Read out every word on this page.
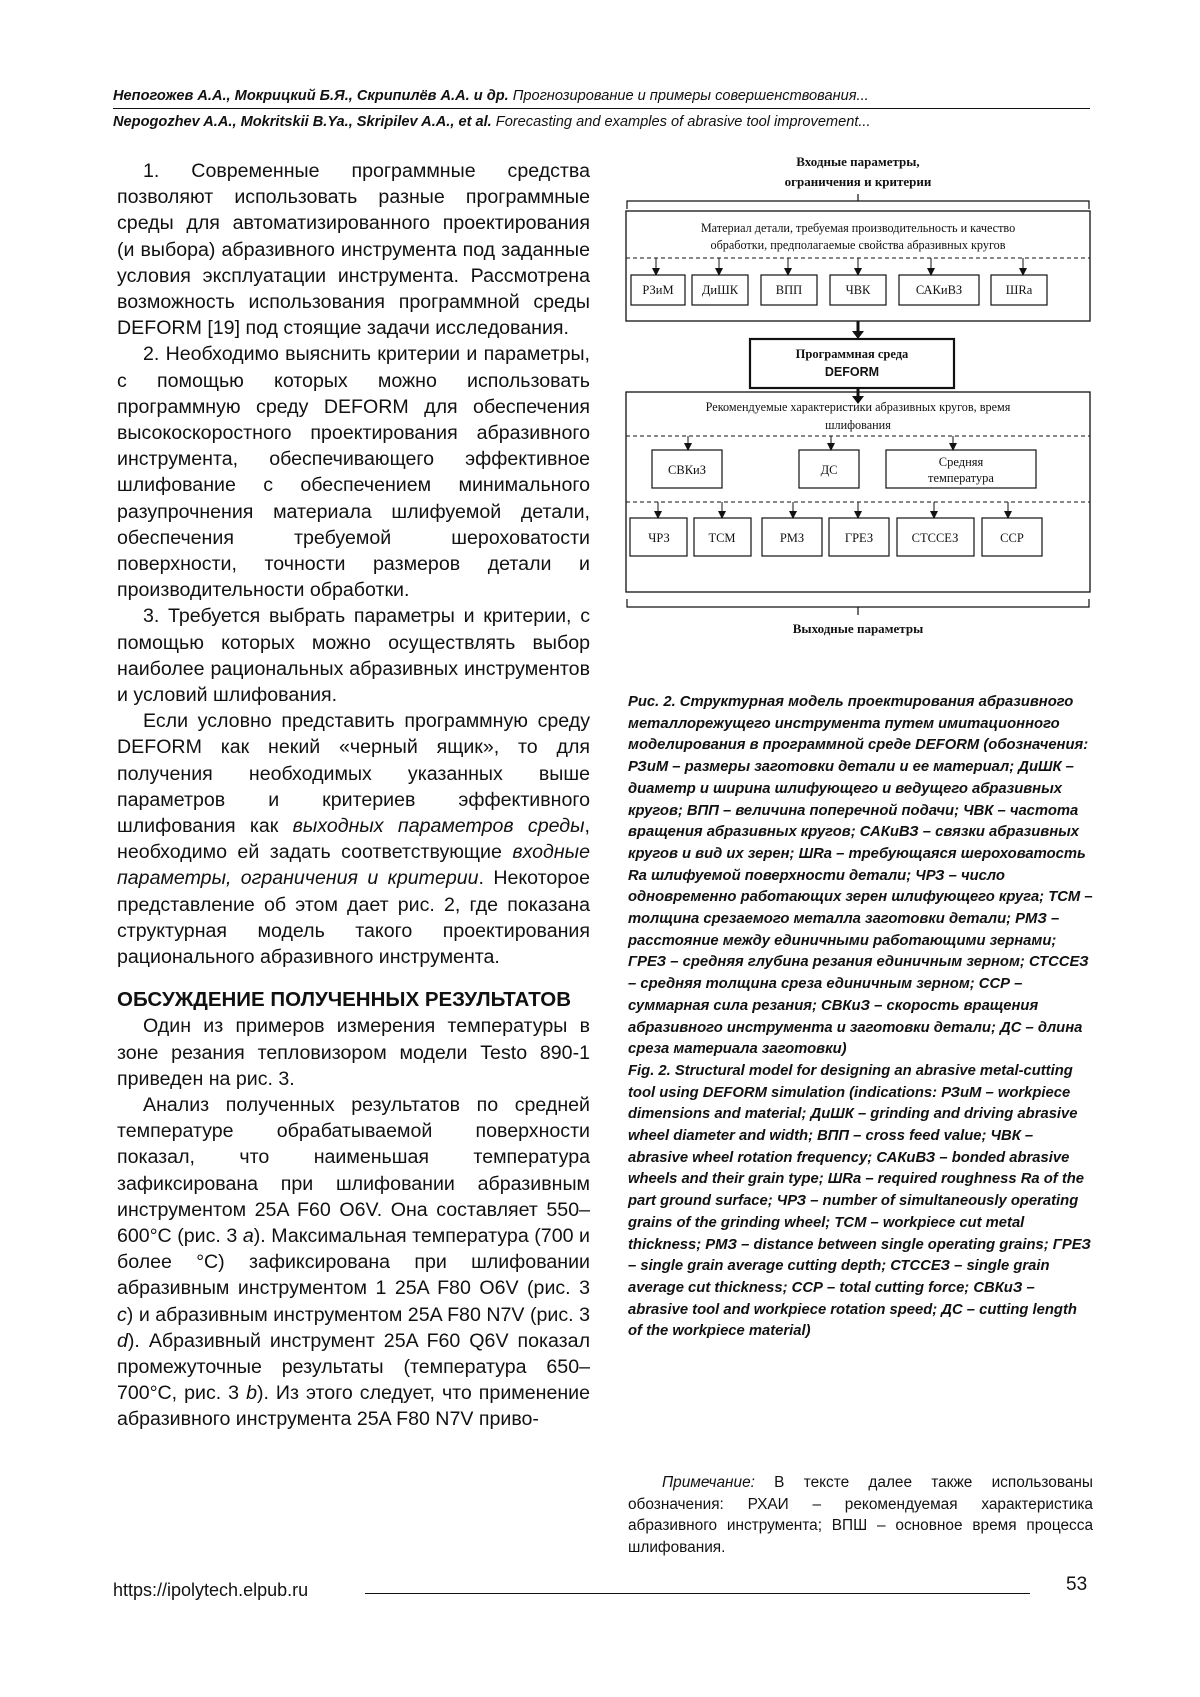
Непогожев А.А., Мокрицкий Б.Я., Скрипилёв А.А. и др. Прогнозирование и примеры совершенствования...
Nepogozhev A.A., Mokritskii B.Ya., Skripilev A.A., et al. Forecasting and examples of abrasive tool improvement...

1. Современные программные средства позволяют использовать разные программные среды для автоматизированного проектирования (и выбора) абразивного инструмента под заданные условия эксплуатации инструмента. Рассмотрена возможность использования программной среды DEFORM [19] под стоящие задачи исследования.

2. Необходимо выяснить критерии и параметры, с помощью которых можно использовать программную среду DEFORM для обеспечения высокоскоростного проектирования абразивного инструмента, обеспечивающего эффективное шлифование с обеспечением минимального разупрочнения материала шлифуемой детали, обеспечения требуемой шероховатости поверхности, точности размеров детали и производительности обработки.

3. Требуется выбрать параметры и критерии, с помощью которых можно осуществлять выбор наиболее рациональных абразивных инструментов и условий шлифования.

Если условно представить программную среду DEFORM как некий «черный ящик», то для получения необходимых указанных выше параметров и критериев эффективного шлифования как выходных параметров среды, необходимо ей задать соответствующие входные параметры, ограничения и критерии. Некоторое представление об этом дает рис. 2, где показана структурная модель такого проектирования рационального абразивного инструмента.

ОБСУЖДЕНИЕ ПОЛУЧЕННЫХ РЕЗУЛЬТАТОВ

Один из примеров измерения температуры в зоне резания тепловизором модели Testo 890-1 приведен на рис. 3.

Анализ полученных результатов по средней температуре обрабатываемой поверхности показал, что наименьшая температура зафиксирована при шлифовании абразивным инструментом 25A F60 O6V. Она составляет 550–600°С (рис. 3 a). Максимальная температура (700 и более °С) зафиксирована при шлифовании абразивным инструментом 1 25A F80 O6V (рис. 3 c) и абразивным инструментом 25A F80 N7V (рис. 3 d). Абразивный инструмент 25A F60 Q6V показал промежуточные результаты (температура 650–700°С, рис. 3 b). Из этого следует, что применение абразивного инструмента 25A F80 N7V приво-

Входные параметры,
ограничения и критерии
Материал детали, требуемая производительность и качество
обработки, предполагаемые свойства абразивных кругов
РЗиМ ДиШК	ВПП	ЧВК	САКиВЗ	ШRa
Программная среда
DEFORM
Рекомендуемые характеристики абразивных кругов, время
шлифования
СВКиЗ	ДС
Средняя
температура
ЧРЗ	ТСМ	РМЗ	ГРЕЗ	СТССЕЗ	ССР
Выходные параметры

Рис. 2. Структурная модель проектирования абразивного металлорежущего инструмента путем имитационного моделирования в программной среде DEFORM (обозначения: РЗиМ – размеры заготовки детали и ее материал; ДиШК – диаметр и ширина шлифующего и ведущего абразивных кругов; ВПП – величина поперечной подачи; ЧВК – частота вращения абразивных кругов; САКиВЗ – связки абразивных кругов и вид их зерен; ШRa – требующаяся шероховатость Ra шлифуемой поверхности детали; ЧРЗ – число одновременно работающих зерен шлифующего круга; ТСМ – толщина срезаемого металла заготовки детали; РМЗ – расстояние между единичными работающими зернами; ГРЕЗ – средняя глубина резания единичным зерном; СТССЕЗ – средняя толщина среза единичным зерном; ССР – суммарная сила резания; СВКиЗ – скорость вращения абразивного инструмента и заготовки детали; ДС – длина среза материала заготовки)

Fig. 2. Structural model for designing an abrasive metal-cutting tool using DEFORM simulation (indications: РЗиМ – workpiece dimensions and material; ДиШК – grinding and driving abrasive wheel diameter and width; ВПП – cross feed value; ЧВК – abrasive wheel rotation frequency; САКиВЗ – bonded abrasive wheels and their grain type; ШRa – required roughness Ra of the part ground surface; ЧРЗ – number of simultaneously operating grains of the grinding wheel; ТСМ – workpiece cut metal thickness; РМЗ – distance between single operating grains; ГРЕЗ – single grain average cutting depth; СТССЕЗ – single grain average cut thickness; ССР – total cutting force; СВКиЗ – abrasive tool and workpiece rotation speed; ДС – cutting length of the workpiece material)

Примечание: В тексте далее также использованы обозначения: РХАИ – рекомендуемая характеристика абразивного инструмента; ВПШ – основное время процесса шлифования.

https://ipolytech.elpub.ru	53
